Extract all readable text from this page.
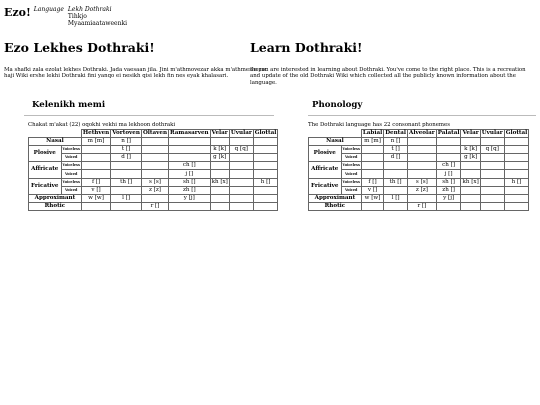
Ezo! Language Lekh Dothraki
Tihkjo
Myaamiaataweenki
Ezo Lekhes Dothraki!

Ma shafki zala ezolat lekhes Dothraki. Jada vaesaan jila. Jini m'athmovezar akka m'athmeshozar haji Wiki ershe lekhi Dothraki fini yanqo ei nesikh qisi lekh fin nes eyak khalasari.

Learn Dothraki!

So you are interested in learning about Dothraki. You've come to the right place. This is a recreation and update of the old Dothraki Wiki which collected all the publicly known information about the language.

Kelenikh memi
Chakat m'akat (22) oqokhi vekhi ma lekhoon dothraki
		Hethven	Vortoven	Oltaven	Ramasarven	Velar	Uvular	Glottal
Nasal		m [m]	n []					
Plosive	Voiceless		t []			k [k]	q [q]	
	Voiced		d []			g [k]		
Affricate	Voiceless				ch []			
	Voiced				j []			
Fricative	Voiceless	f []	th []	s [s]	sh []	kh [x]		h []
	Voiced	v []		z [z]	zh []			
Approximant		w [w]	l []		y [j]			
Rhotic				r []				
Phonology
The Dothraki language has 22 consonant phonemes
		Labial	Dental	Alveolar	Palatal	Velar	Uvular	Glottal
Nasal		m [m]	n []					
Plosive	Voiceless		t []			k [k]	q [q]	
	Voiced		d []			g [k]		
Affricate	Voiceless				ch []			
	Voiced				j []			
Fricative	Voiceless	f []	th []	s [s]	sh []	kh [x]		h []
	Voiced	v []		z [z]	zh []			
Approximant		w [w]	l []		y [j]			
Rhotic				r []				
